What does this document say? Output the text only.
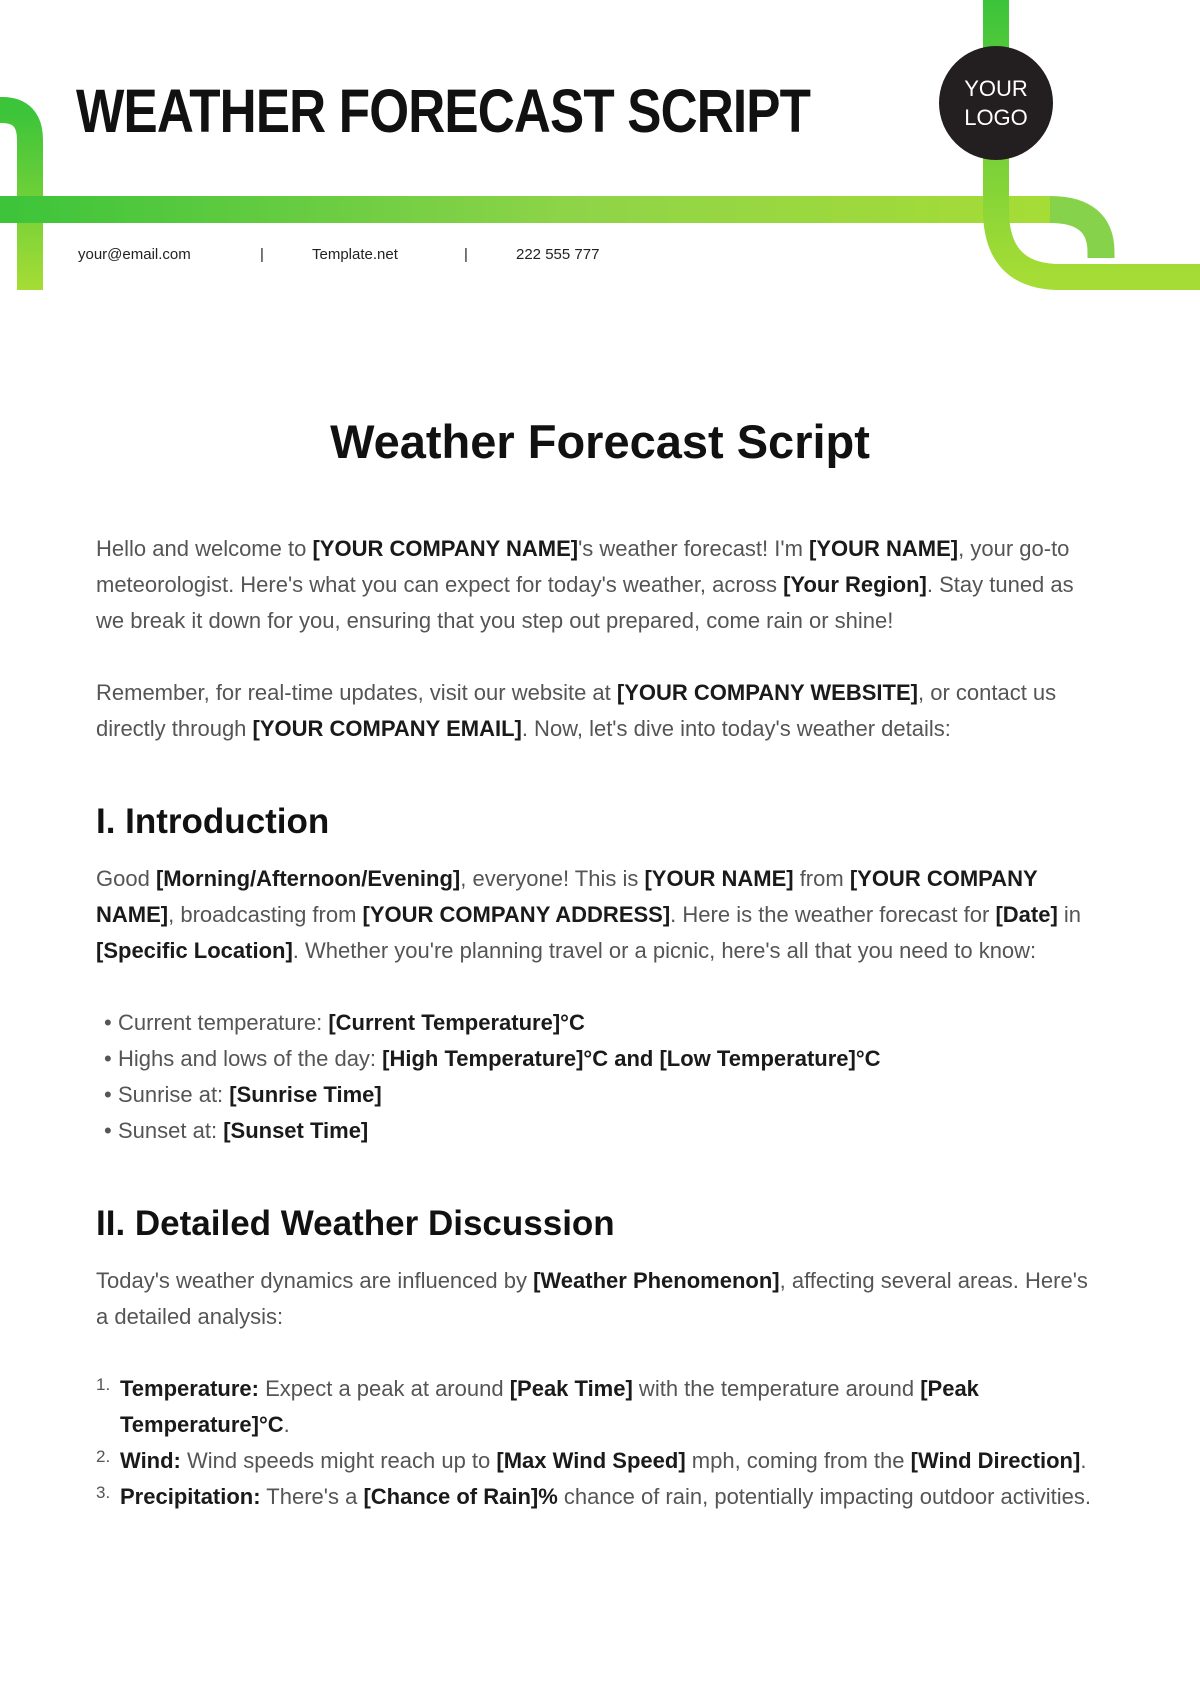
WEATHER FORECAST SCRIPT	YOUR
LOGO
your@email.com	|	Template.net	|	222 555 777
Weather Forecast Script

Hello and welcome to [YOUR COMPANY NAME]'s weather forecast! I'm [YOUR NAME], your go-to meteorologist. Here's what you can expect for today's weather, across [Your Region]. Stay tuned as we break it down for you, ensuring that you step out prepared, come rain or shine!

Remember, for real-time updates, visit our website at [YOUR COMPANY WEBSITE], or contact us directly through [YOUR COMPANY EMAIL]. Now, let's dive into today's weather details:

I. Introduction

Good [Morning/Afternoon/Evening], everyone! This is [YOUR NAME] from [YOUR COMPANY NAME], broadcasting from [YOUR COMPANY ADDRESS]. Here is the weather forecast for [Date] in [Specific Location]. Whether you're planning travel or a picnic, here's all that you need to know:

• Current temperature: [Current Temperature]°C
• Highs and lows of the day: [High Temperature]°C and [Low Temperature]°C
• Sunrise at: [Sunrise Time]
• Sunset at: [Sunset Time]
II. Detailed Weather Discussion

Today's weather dynamics are influenced by [Weather Phenomenon], affecting several areas. Here's a detailed analysis:

1. Temperature: Expect a peak at around [Peak Time] with the temperature around [Peak Temperature]°C.
2. Wind: Wind speeds might reach up to [Max Wind Speed] mph, coming from the [Wind Direction].
3. Precipitation: There's a [Chance of Rain]% chance of rain, potentially impacting outdoor activities.
